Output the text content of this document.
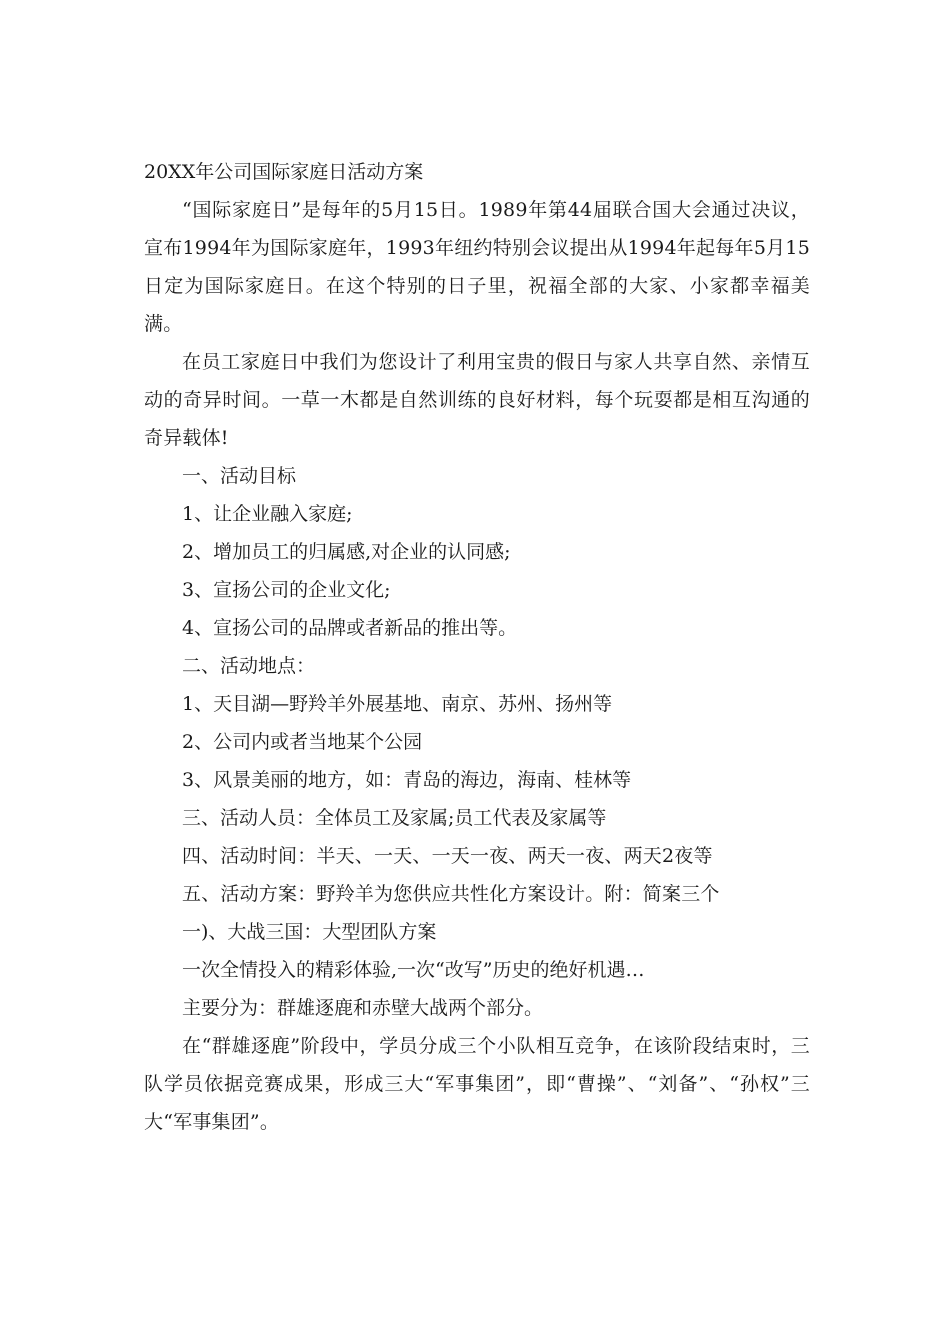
20XX年公司国际家庭日活动方案

“国际家庭日”是每年的5月15日。1989年第44届联合国大会通过决议，宣布1994年为国际家庭年，1993年纽约特别会议提出从1994年起每年5月15日定为国际家庭日。在这个特别的日子里，祝福全部的大家、小家都幸福美满。

在员工家庭日中我们为您设计了利用宝贵的假日与家人共享自然、亲情互动的奇异时间。一草一木都是自然训练的良好材料，每个玩耍都是相互沟通的奇异载体!

一、活动目标

1、让企业融入家庭;

2、增加员工的归属感,对企业的认同感;

3、宣扬公司的企业文化;

4、宣扬公司的品牌或者新品的推出等。

二、活动地点：

1、天目湖—野羚羊外展基地、南京、苏州、扬州等

2、公司内或者当地某个公园

3、风景美丽的地方，如：青岛的海边，海南、桂林等

三、活动人员：全体员工及家属;员工代表及家属等

四、活动时间：半天、一天、一天一夜、两天一夜、两天2夜等

五、活动方案：野羚羊为您供应共性化方案设计。附：简案三个

一)、大战三国：大型团队方案

一次全情投入的精彩体验,一次“改写”历史的绝好机遇…

主要分为：群雄逐鹿和赤壁大战两个部分。

在“群雄逐鹿”阶段中，学员分成三个小队相互竞争，在该阶段结束时，三队学员依据竞赛成果，形成三大“军事集团”，即“曹操”、“刘备”、“孙权”三大“军事集团”。
